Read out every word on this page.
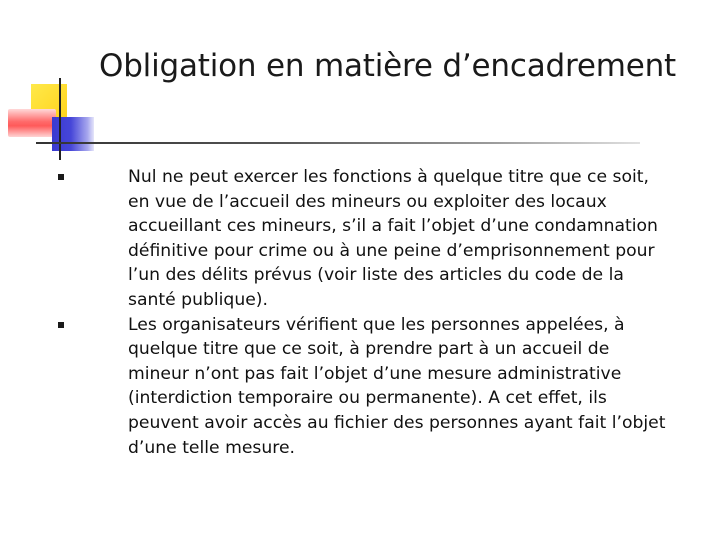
Obligation en matière d’encadrement
Nul ne peut exercer les fonctions à quelque titre que ce soit, en vue de l’accueil des mineurs ou exploiter des locaux accueillant ces mineurs, s’il a fait l’objet d’une condamnation définitive pour crime ou à une peine d’emprisonnement pour l’un des délits prévus (voir liste des articles du code de la santé publique).
Les organisateurs vérifient que les personnes appelées, à quelque titre que ce soit, à prendre part à un accueil de mineur n’ont pas fait l’objet d’une mesure administrative (interdiction temporaire ou permanente). A cet effet, ils peuvent avoir accès au fichier des personnes ayant fait l’objet d’une telle mesure.
